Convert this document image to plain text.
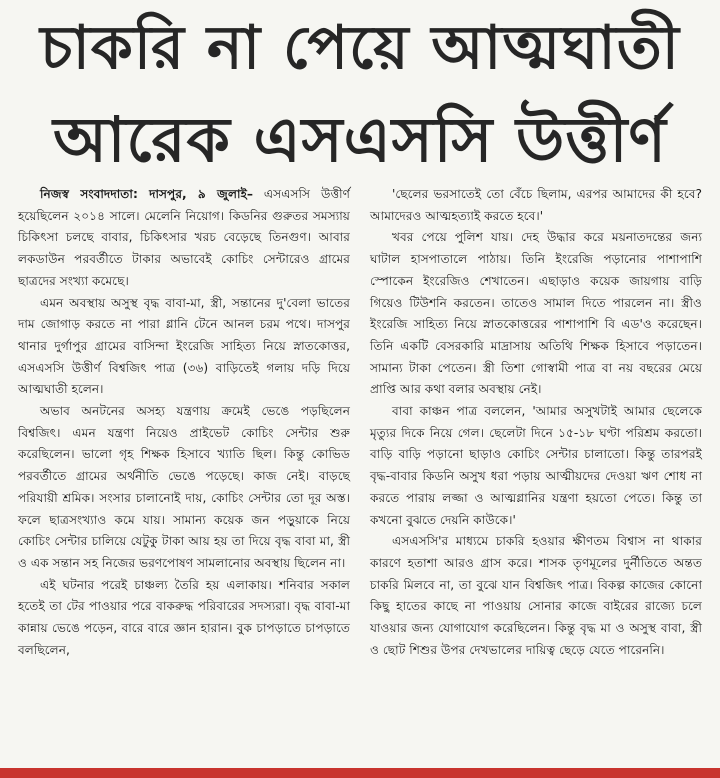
চাকরি না পেয়ে আত্মঘাতী
আরেক এসএসসি উত্তীর্ণ

নিজস্ব সংবাদদাতা: দাসপুর, ৯ জুলাই– এসএসসি উত্তীর্ণ হয়েছিলেন ২০১৪ সালে। মেলেনি নিয়োগ। কিডনির গুরুতর সমস্যায় চিকিৎসা চলছে বাবার, চিকিৎসার খরচ বেড়েছে তিনগুণ। আবার লকডাউন পরবর্তীতে টাকার অভাবেই কোচিং সেন্টারেও গ্রামের ছাত্রদের সংখ্যা কমেছে।

এমন অবস্থায় অসুস্থ বৃদ্ধ বাবা-মা, স্ত্রী, সন্তানের দু'বেলা ভাতের দাম জোগাড় করতে না পারা গ্লানি টেনে আনল চরম পথে। দাসপুর থানার দুর্গাপুর গ্রামের বাসিন্দা ইংরেজি সাহিত্য নিয়ে স্নাতকোত্তর, এসএসসি উত্তীর্ণ বিশ্বজিৎ পাত্র (৩৬) বাড়িতেই গলায় দড়ি দিয়ে আত্মঘাতী হলেন।

অভাব অনটনের অসহ্য যন্ত্রণায় ক্রমেই ভেঙে পড়ছিলেন বিশ্বজিৎ। এমন যন্ত্রণা নিয়েও প্রাইভেট কোচিং সেন্টার শুরু করেছিলেন। ভালো গৃহ শিক্ষক হিসাবে খ্যাতি ছিল। কিন্তু কোভিড পরবর্তীতে গ্রামের অর্থনীতি ভেঙে পড়েছে। কাজ নেই। বাড়ছে পরিযায়ী শ্রমিক। সংসার চালানোই দায়, কোচিং সেন্টার তো দূর অস্ত। ফলে ছাত্রসংখ্যাও কমে যায়। সামান্য কয়েক জন পড়ুয়াকে নিয়ে কোচিং সেন্টার চালিয়ে যেটুকু টাকা আয় হয় তা দিয়ে বৃদ্ধ বাবা মা, স্ত্রী ও এক সন্তান সহ নিজের ভরণপোষণ সামলানোর অবস্থায় ছিলেন না।

এই ঘটনার পরেই চাঞ্চল্য তৈরি হয় এলাকায়। শনিবার সকাল হতেই তা টের পাওয়ার পরে বাকরুদ্ধ পরিবারের সদস্যরা। বৃদ্ধ বাবা-মা কান্নায় ভেঙে পড়েন, বারে বারে জ্ঞান হারান। বুক চাপড়াতে চাপড়াতে বলছিলেন,

'ছেলের ভরসাতেই তো বেঁচে ছিলাম, এরপর আমাদের কী হবে? আমাদেরও আত্মহত্যাই করতে হবে।'

খবর পেয়ে পুলিশ যায়। দেহ উদ্ধার করে ময়নাতদন্তের জন্য ঘাটাল হাসপাতালে পাঠায়। তিনি ইংরেজি পড়ানোর পাশাপাশি স্পোকেন ইংরেজিও শেখাতেন। এছাড়াও কয়েক জায়গায় বাড়ি গিয়েও টিউশনি করতেন। তাতেও সামাল দিতে পারলেন না। স্ত্রীও ইংরেজি সাহিত্য নিয়ে স্নাতকোত্তরের পাশাপাশি বি এড'ও করেছেন। তিনি একটি বেসরকারি মাদ্রাসায় অতিথি শিক্ষক হিসাবে পড়াতেন। সামান্য টাকা পেতেন। স্ত্রী তিশা গোস্বামী পাত্র বা নয় বছরের মেয়ে প্রাপ্তি আর কথা বলার অবস্থায় নেই।

বাবা কাঞ্চন পাত্র বললেন, 'আমার অসুখটাই আমার ছেলেকে মৃত্যুর দিকে নিয়ে গেল। ছেলেটা দিনে ১৫-১৮ ঘণ্টা পরিশ্রম করতো। বাড়ি বাড়ি পড়ানো ছাড়াও কোচিং সেন্টার চালাতো। কিন্তু তারপরই বৃদ্ধ-বাবার কিডনি অসুখ ধরা পড়ায় আত্মীয়দের দেওয়া ঋণ শোধ না করতে পারায় লজ্জা ও আত্মগ্লানির যন্ত্রণা হয়তো পেতে। কিন্তু তা কখনো বুঝতে দেয়নি কাউকে।'

এসএসসি'র মাধ্যমে চাকরি হওয়ার ক্ষীণতম বিশ্বাস না থাকার কারণে হতাশা আরও গ্রাস করে। শাসক তৃণমূলের দুর্নীতিতে অন্তত চাকরি মিলবে না, তা বুঝে যান বিশ্বজিৎ পাত্র। বিকল্প কাজের কোনো কিছু হাতের কাছে না পাওয়ায় সোনার কাজে বাইরের রাজ্যে চলে যাওয়ার জন্য যোগাযোগ করেছিলেন। কিন্তু বৃদ্ধ মা ও অসুস্থ বাবা, স্ত্রী ও ছোট শিশুর উপর দেখভালের দায়িত্ব ছেড়ে যেতে পারেননি।
